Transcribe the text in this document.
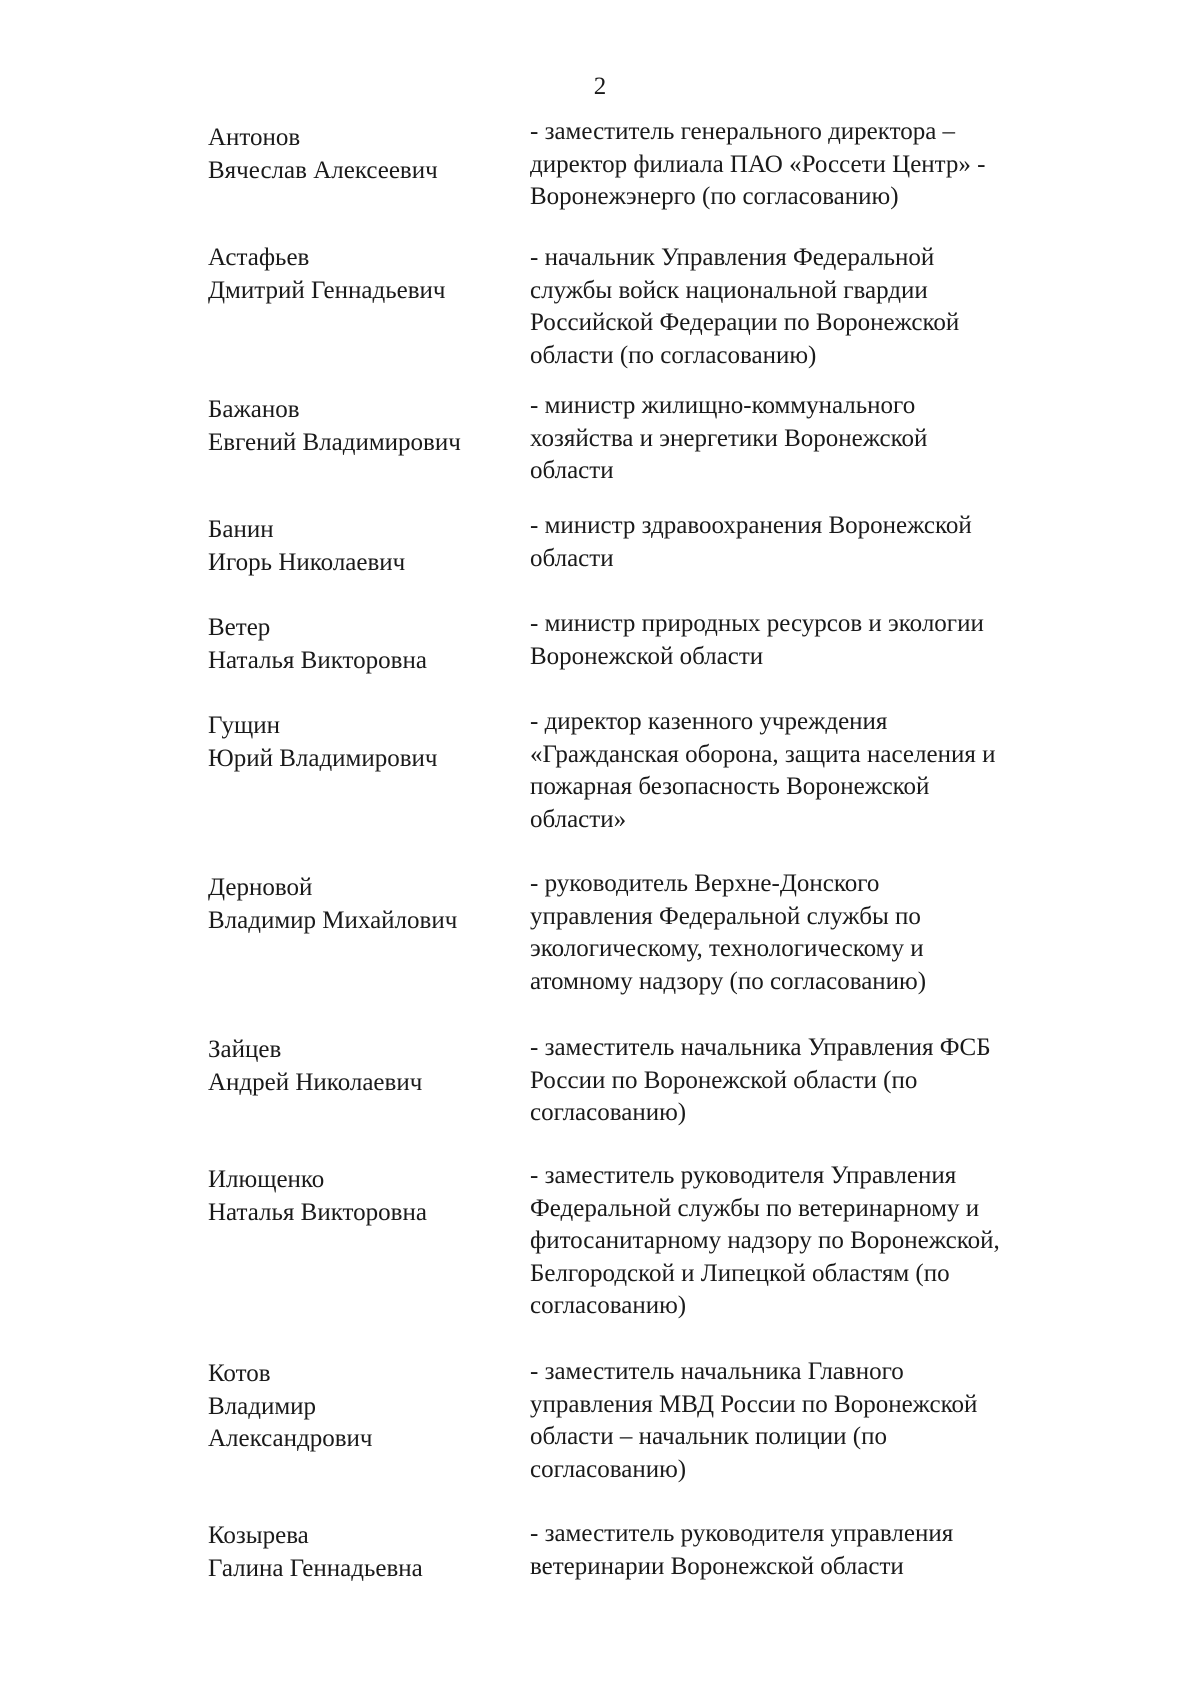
2
Антонов
Вячеслав Алексеевич
- заместитель генерального директора –
директор филиала ПАО «Россети Центр» -
Воронежэнерго (по согласованию)
Астафьев
Дмитрий Геннадьевич
- начальник Управления Федеральной
службы войск национальной гвардии
Российской Федерации по Воронежской
области (по согласованию)
Бажанов
Евгений Владимирович
- министр жилищно-коммунального
хозяйства и энергетики Воронежской
области
Банин
Игорь Николаевич
- министр здравоохранения Воронежской
области
Ветер
Наталья Викторовна
- министр природных ресурсов и экологии
Воронежской области
Гущин
Юрий Владимирович
- директор казенного учреждения
«Гражданская оборона, защита населения и
пожарная безопасность Воронежской
области»
Дерновой
Владимир Михайлович
- руководитель Верхне-Донского
управления Федеральной службы по
экологическому, технологическому и
атомному надзору (по согласованию)
Зайцев
Андрей Николаевич
- заместитель начальника Управления ФСБ
России по Воронежской области (по
согласованию)
Илющенко
Наталья Викторовна
- заместитель руководителя Управления
Федеральной службы по ветеринарному и
фитосанитарному надзору по Воронежской,
Белгородской и Липецкой областям (по
согласованию)
Котов
Владимир
Александрович
- заместитель начальника Главного
управления МВД России по Воронежской
области – начальник полиции (по
согласованию)
Козырева
Галина Геннадьевна
- заместитель руководителя управления
ветеринарии Воронежской области
